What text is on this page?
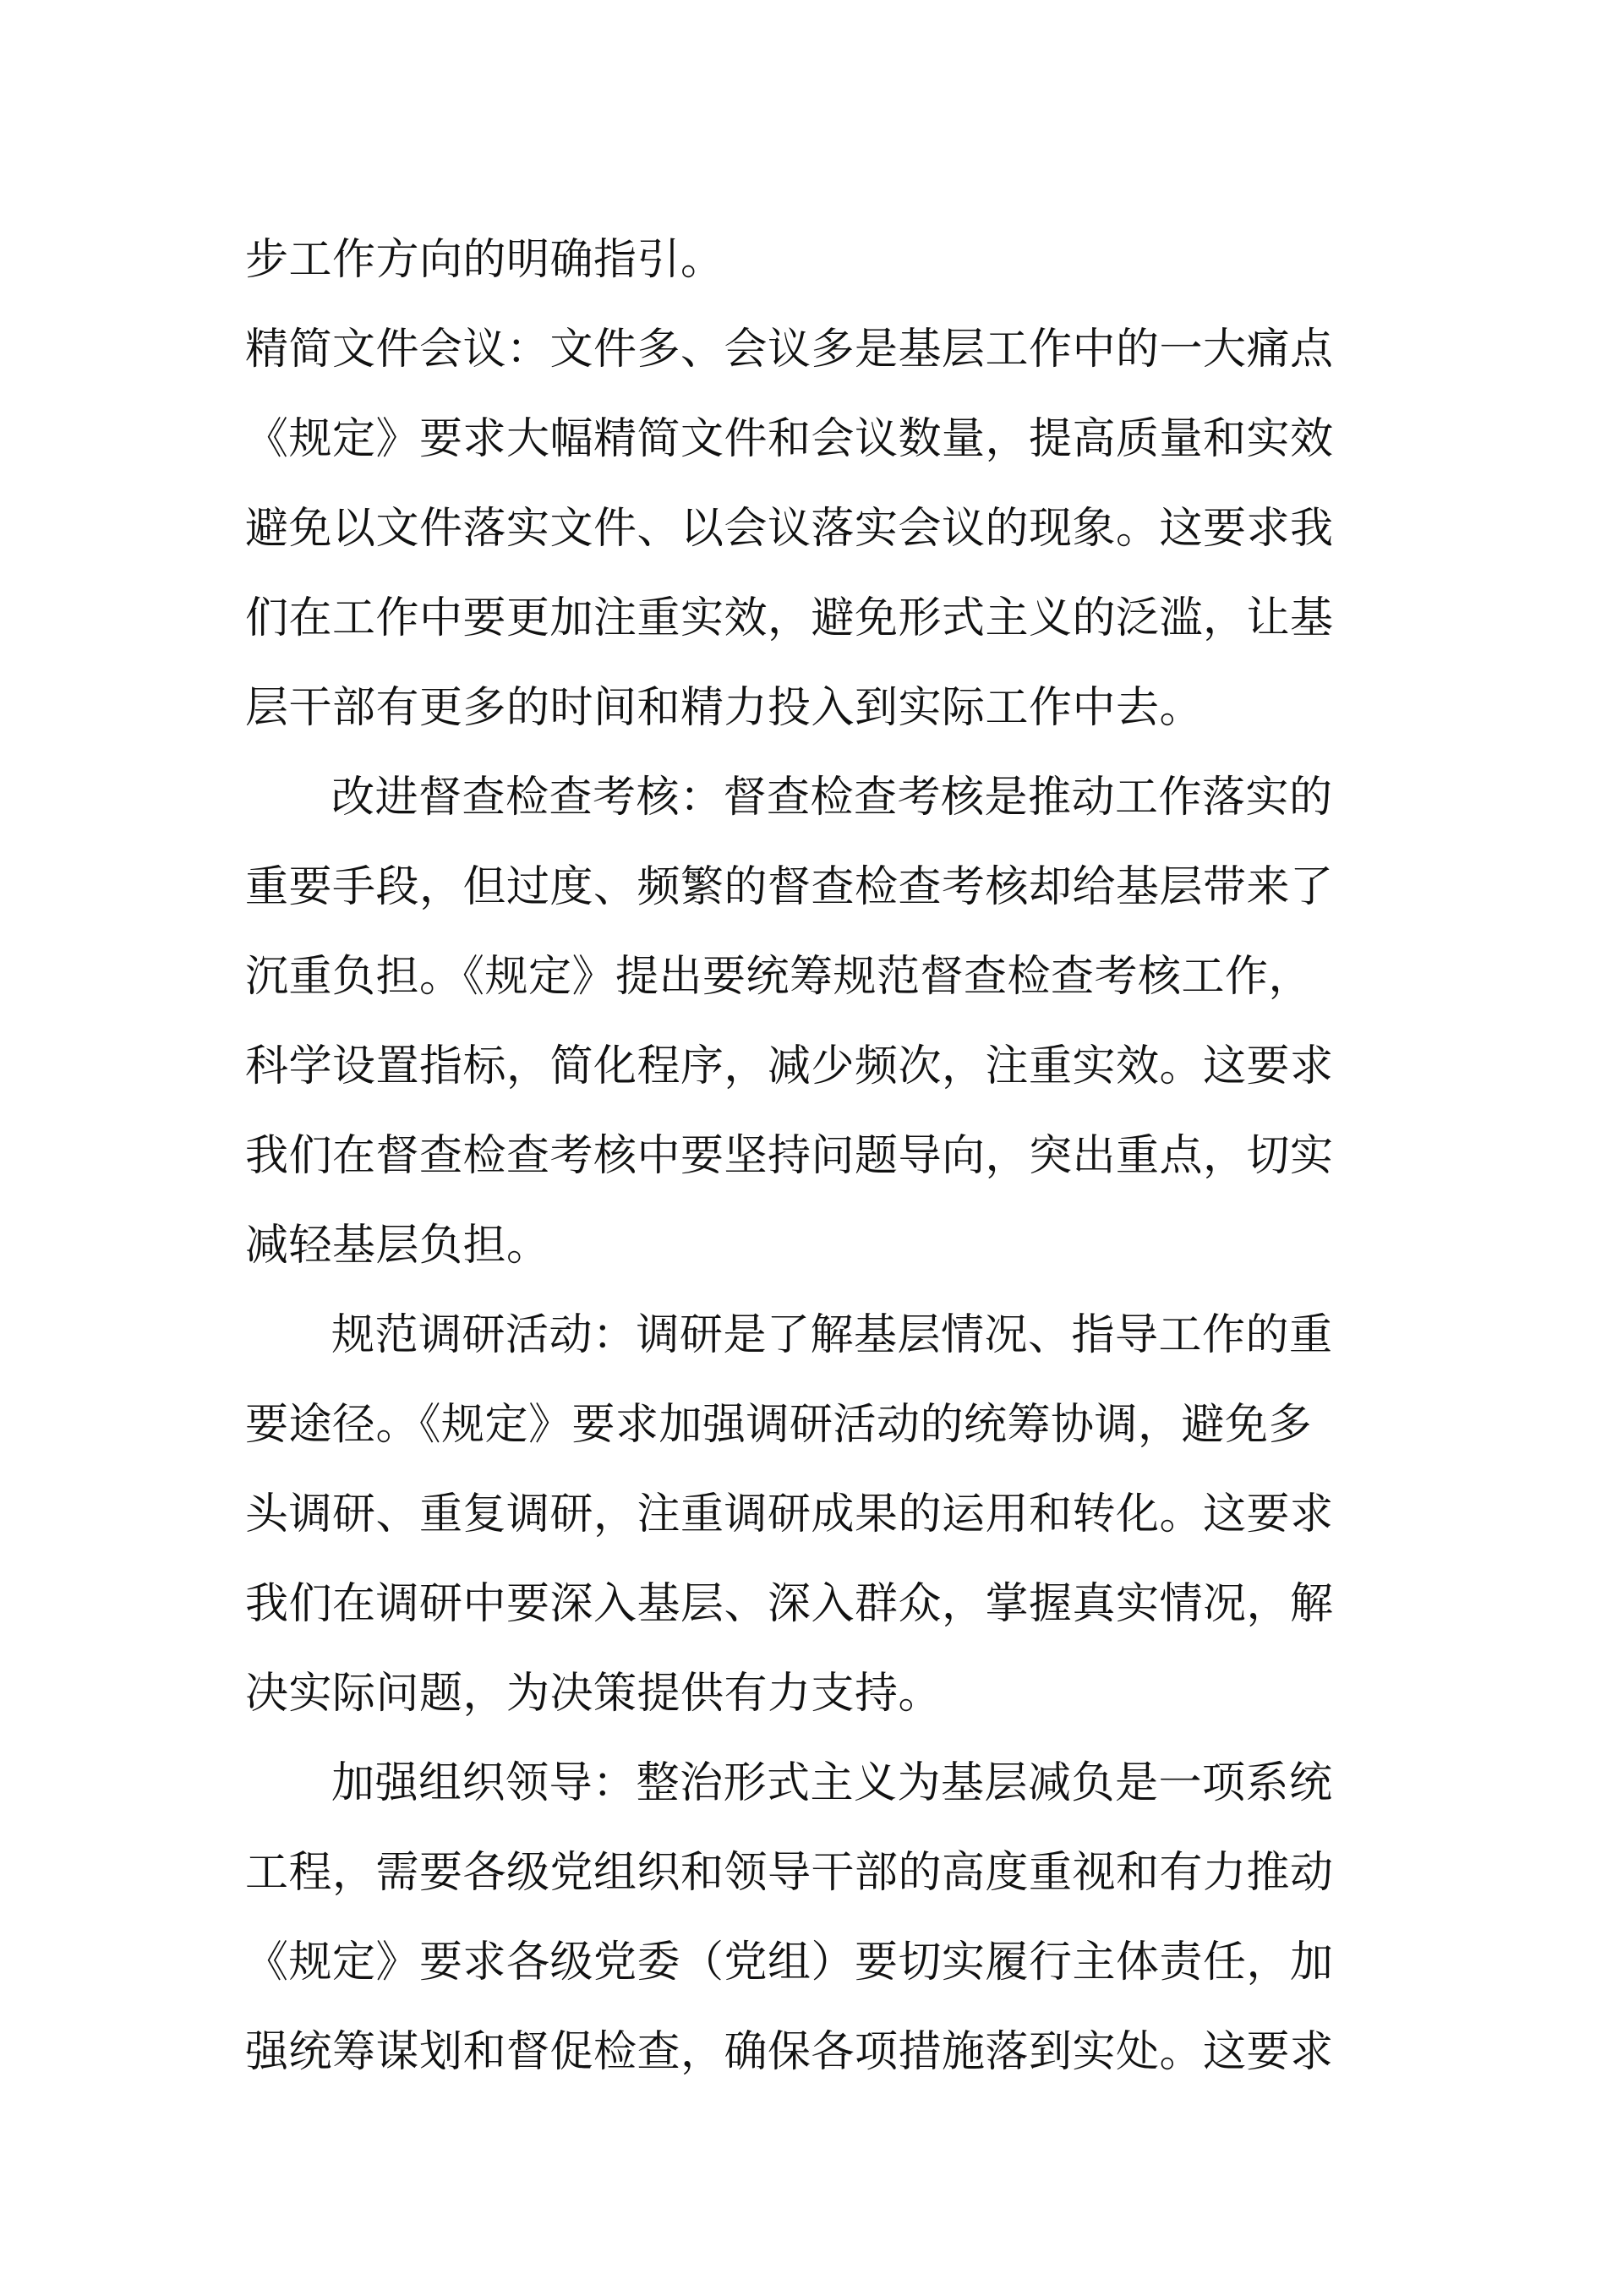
步工作方向的明确指引。
精简文件会议：文件多、会议多是基层工作中的一大痛点
《规定》要求大幅精简文件和会议数量，提高质量和实效
避免以文件落实文件、以会议落实会议的现象。这要求我
们在工作中要更加注重实效，避免形式主义的泛滥，让基
层干部有更多的时间和精力投入到实际工作中去。
改进督查检查考核：督查检查考核是推动工作落实的
重要手段，但过度、频繁的督查检查考核却给基层带来了
沉重负担。《规定》提出要统筹规范督查检查考核工作，
科学设置指标，简化程序，减少频次，注重实效。这要求
我们在督查检查考核中要坚持问题导向，突出重点，切实
减轻基层负担。
规范调研活动：调研是了解基层情况、指导工作的重
要途径。《规定》要求加强调研活动的统筹协调，避免多
头调研、重复调研，注重调研成果的运用和转化。这要求
我们在调研中要深入基层、深入群众，掌握真实情况，解
决实际问题，为决策提供有力支持。
加强组织领导：整治形式主义为基层减负是一项系统
工程，需要各级党组织和领导干部的高度重视和有力推动
《规定》要求各级党委（党组）要切实履行主体责任，加
强统筹谋划和督促检查，确保各项措施落到实处。这要求
